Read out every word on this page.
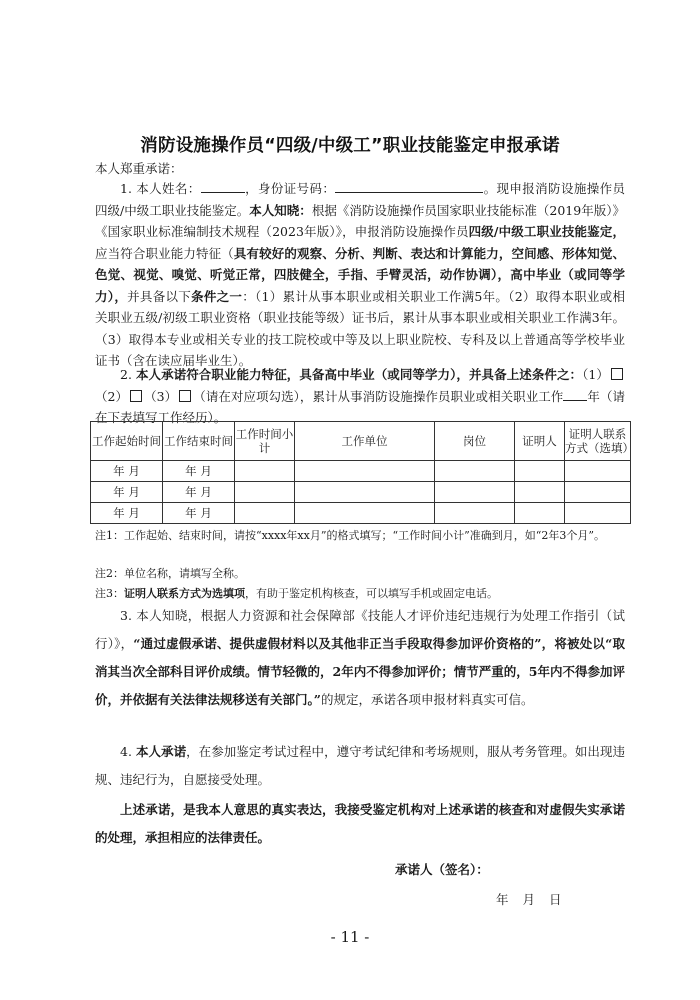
消防设施操作员“四级/中级工”职业技能鉴定申报承诺
本人郑重承诺：
1. 本人姓名：	，身份证号码：	。现申报消防设施操作员四级/中级工职业技能鉴定。本人知晓：根据《消防设施操作员国家职业技能标准（2019年版）》《国家职业标准编制技术规程（2023年版）》，申报消防设施操作员四级/中级工职业技能鉴定，应当符合职业能力特征（具有较好的观察、分析、判断、表达和计算能力，空间感、形体知觉、色觉、视觉、嗅觉、听觉正常，四肢健全，手指、手臂灵活，动作协调），高中毕业（或同等学力），并具备以下条件之一：（1）累计从事本职业或相关职业工作满5年。（2）取得本职业或相关职业五级/初级工职业资格（职业技能等级）证书后，累计从事本职业或相关职业工作满3年。（3）取得本专业或相关专业的技工院校或中等及以上职业院校、专科及以上普通高等学校毕业证书（含在读应届毕业生）。
2. 本人承诺符合职业能力特征，具备高中毕业（或同等学力），并具备上述条件之：（1）（2） （3） （请在对应项勾选），累计从事消防设施操作员职业或相关职业工作 年（请在下表填写工作经历）。
工作起始时间	工作结束时间	工作时间小计	工作单位	岗位	证明人	证明人联系方式（选填）
年 月	年 月					
年 月	年 月					
年 月	年 月					
注1：工作起始、结束时间，请按“xxxx年xx月”的格式填写；“工作时间小计”准确到月，如“2年3个月”。
注2：单位名称，请填写全称。
注3：证明人联系方式为选填项，有助于鉴定机构核查，可以填写手机或固定电话。
3. 本人知晓，根据人力资源和社会保障部《技能人才评价违纪违规行为处理工作指引（试行）》，“通过虚假承诺、提供虚假材料以及其他非正当手段取得参加评价资格的”，将被处以“取消其当次全部科目评价成绩。情节轻微的，2年内不得参加评价；情节严重的，5年内不得参加评价，并依据有关法律法规移送有关部门。”的规定，承诺各项申报材料真实可信。
4. 本人承诺，在参加鉴定考试过程中，遵守考试纪律和考场规则，服从考务管理。如出现违规、违纪行为，自愿接受处理。
上述承诺，是我本人意思的真实表达，我接受鉴定机构对上述承诺的核查和对虚假失实承诺的处理，承担相应的法律责任。
承诺人（签名）：
年 月 日
- 11 -
